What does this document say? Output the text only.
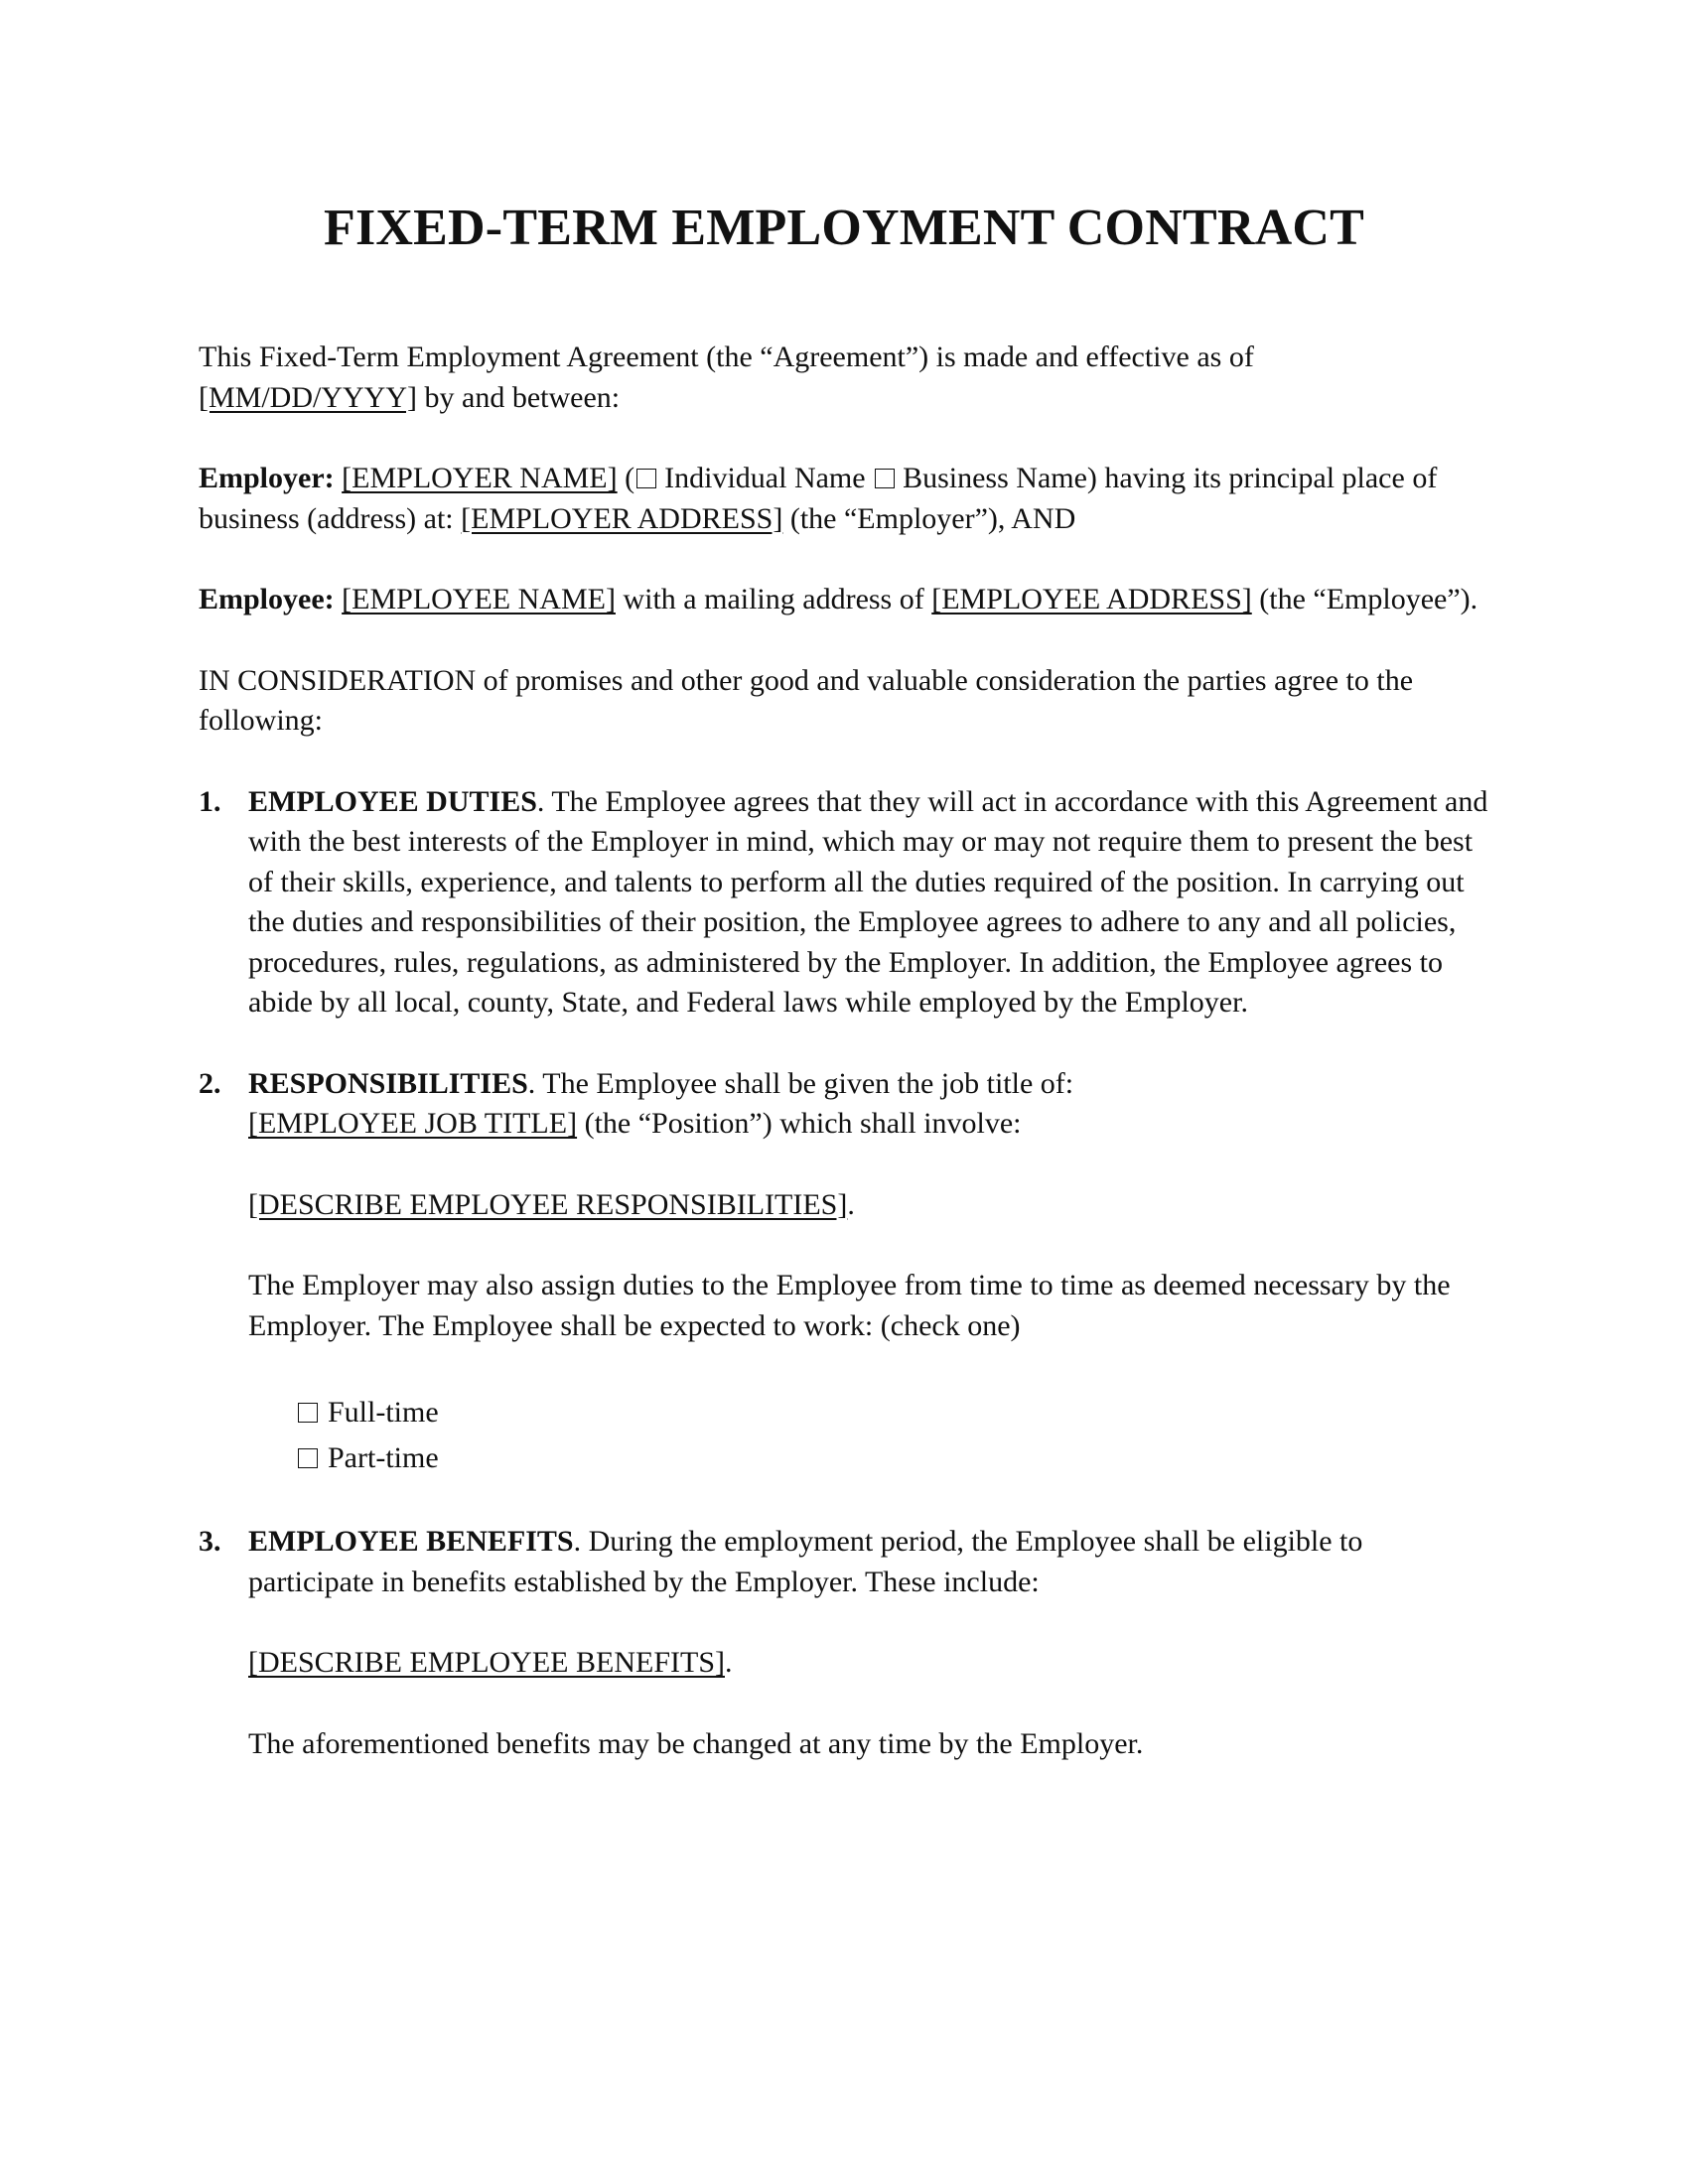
FIXED-TERM EMPLOYMENT CONTRACT

This Fixed-Term Employment Agreement (the “Agreement”) is made and effective as of
[MM/DD/YYYY] by and between:

Employer: [EMPLOYER NAME] ( Individual Name Business Name) having its principal place of business (address) at: [EMPLOYER ADDRESS] (the “Employer”), AND

Employee: [EMPLOYEE NAME] with a mailing address of [EMPLOYEE ADDRESS] (the “Employee”).

IN CONSIDERATION of promises and other good and valuable consideration the parties agree to the following:

1. EMPLOYEE DUTIES. The Employee agrees that they will act in accordance with this Agreement and with the best interests of the Employer in mind, which may or may not require them to present the best of their skills, experience, and talents to perform all the duties required of the position. In carrying out the duties and responsibilities of their position, the Employee agrees to adhere to any and all policies, procedures, rules, regulations, as administered by the Employer. In addition, the Employee agrees to abide by all local, county, State, and Federal laws while employed by the Employer.

2. RESPONSIBILITIES. The Employee shall be given the job title of:
[EMPLOYEE JOB TITLE] (the “Position”) which shall involve:

[DESCRIBE EMPLOYEE RESPONSIBILITIES].

The Employer may also assign duties to the Employee from time to time as deemed necessary by the Employer. The Employee shall be expected to work: (check one)

Full-time
Part-time
3. EMPLOYEE BENEFITS. During the employment period, the Employee shall be eligible to participate in benefits established by the Employer. These include:

[DESCRIBE EMPLOYEE BENEFITS].

The aforementioned benefits may be changed at any time by the Employer.
